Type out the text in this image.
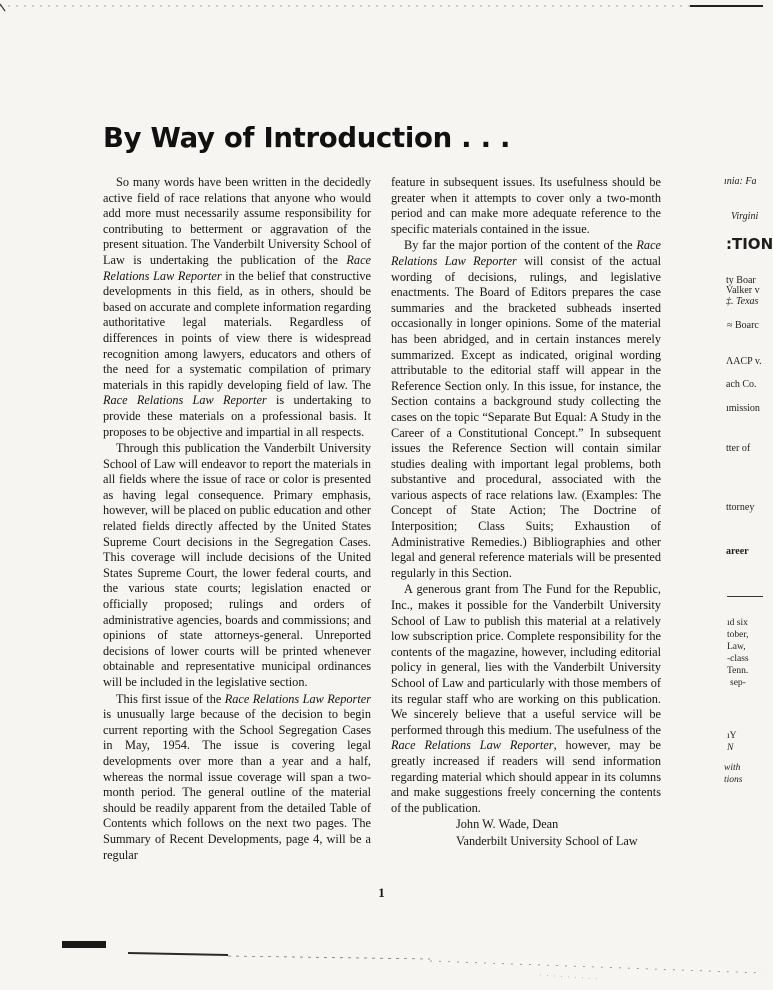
By Way of Introduction . . .

So many words have been written in the decidedly active field of race relations that anyone who would add more must necessarily assume responsibility for contributing to betterment or aggravation of the present situation. The Vanderbilt University School of Law is undertaking the publication of the Race Relations Law Reporter in the belief that constructive developments in this field, as in others, should be based on accurate and complete information regarding authoritative legal materials. Regardless of differences in points of view there is widespread recognition among lawyers, educators and others of the need for a systematic compilation of primary materials in this rapidly developing field of law. The Race Relations Law Reporter is undertaking to provide these materials on a professional basis. It proposes to be objective and impartial in all respects.

Through this publication the Vanderbilt University School of Law will endeavor to report the materials in all fields where the issue of race or color is presented as having legal consequence. Primary emphasis, however, will be placed on public education and other related fields directly affected by the United States Supreme Court decisions in the Segregation Cases. This coverage will include decisions of the United States Supreme Court, the lower federal courts, and the various state courts; legislation enacted or officially proposed; rulings and orders of administrative agencies, boards and commissions; and opinions of state attorneys-general. Unreported decisions of lower courts will be printed whenever obtainable and representative municipal ordinances will be included in the legislative section.

This first issue of the Race Relations Law Reporter is unusually large because of the decision to begin current reporting with the School Segregation Cases in May, 1954. The issue is covering legal developments over more than a year and a half, whereas the normal issue coverage will span a two-month period. The general outline of the material should be readily apparent from the detailed Table of Contents which follows on the next two pages. The Summary of Recent Developments, page 4, will be a regular

feature in subsequent issues. Its usefulness should be greater when it attempts to cover only a two-month period and can make more adequate reference to the specific materials contained in the issue.

By far the major portion of the content of the Race Relations Law Reporter will consist of the actual wording of decisions, rulings, and legislative enactments. The Board of Editors prepares the case summaries and the bracketed subheads inserted occasionally in longer opinions. Some of the material has been abridged, and in certain instances merely summarized. Except as indicated, original wording attributable to the editorial staff will appear in the Reference Section only. In this issue, for instance, the Section contains a background study collecting the cases on the topic “Separate But Equal: A Study in the Career of a Constitutional Concept.” In subsequent issues the Reference Section will contain similar studies dealing with important legal problems, both substantive and procedural, associated with the various aspects of race relations law. (Examples: The Concept of State Action; The Doctrine of Interposition; Class Suits; Exhaustion of Administrative Remedies.) Bibliographies and other legal and general reference materials will be presented regularly in this Section.

A generous grant from The Fund for the Republic, Inc., makes it possible for the Vanderbilt University School of Law to publish this material at a relatively low subscription price. Complete responsibility for the contents of the magazine, however, including editorial policy in general, lies with the Vanderbilt University School of Law and particularly with those members of its regular staff who are working on this publication. We sincerely believe that a useful service will be performed through this medium. The usefulness of the Race Relations Law Reporter, however, may be greatly increased if readers will send information regarding material which should appear in its columns and make suggestions freely concerning the contents of the publication.

John W. Wade, Dean

Vanderbilt University School of Law

1
ınia: Fa
Virgini
:TION
ty Boar
Valker v
‡. Texas
≈ Boarc
ΛACP v.
ach Co.
ımission
tter of
ttorney
areer
ıd six
tober,
Law,
-class
Tenn.
sep-
ıY
N
with
tions
